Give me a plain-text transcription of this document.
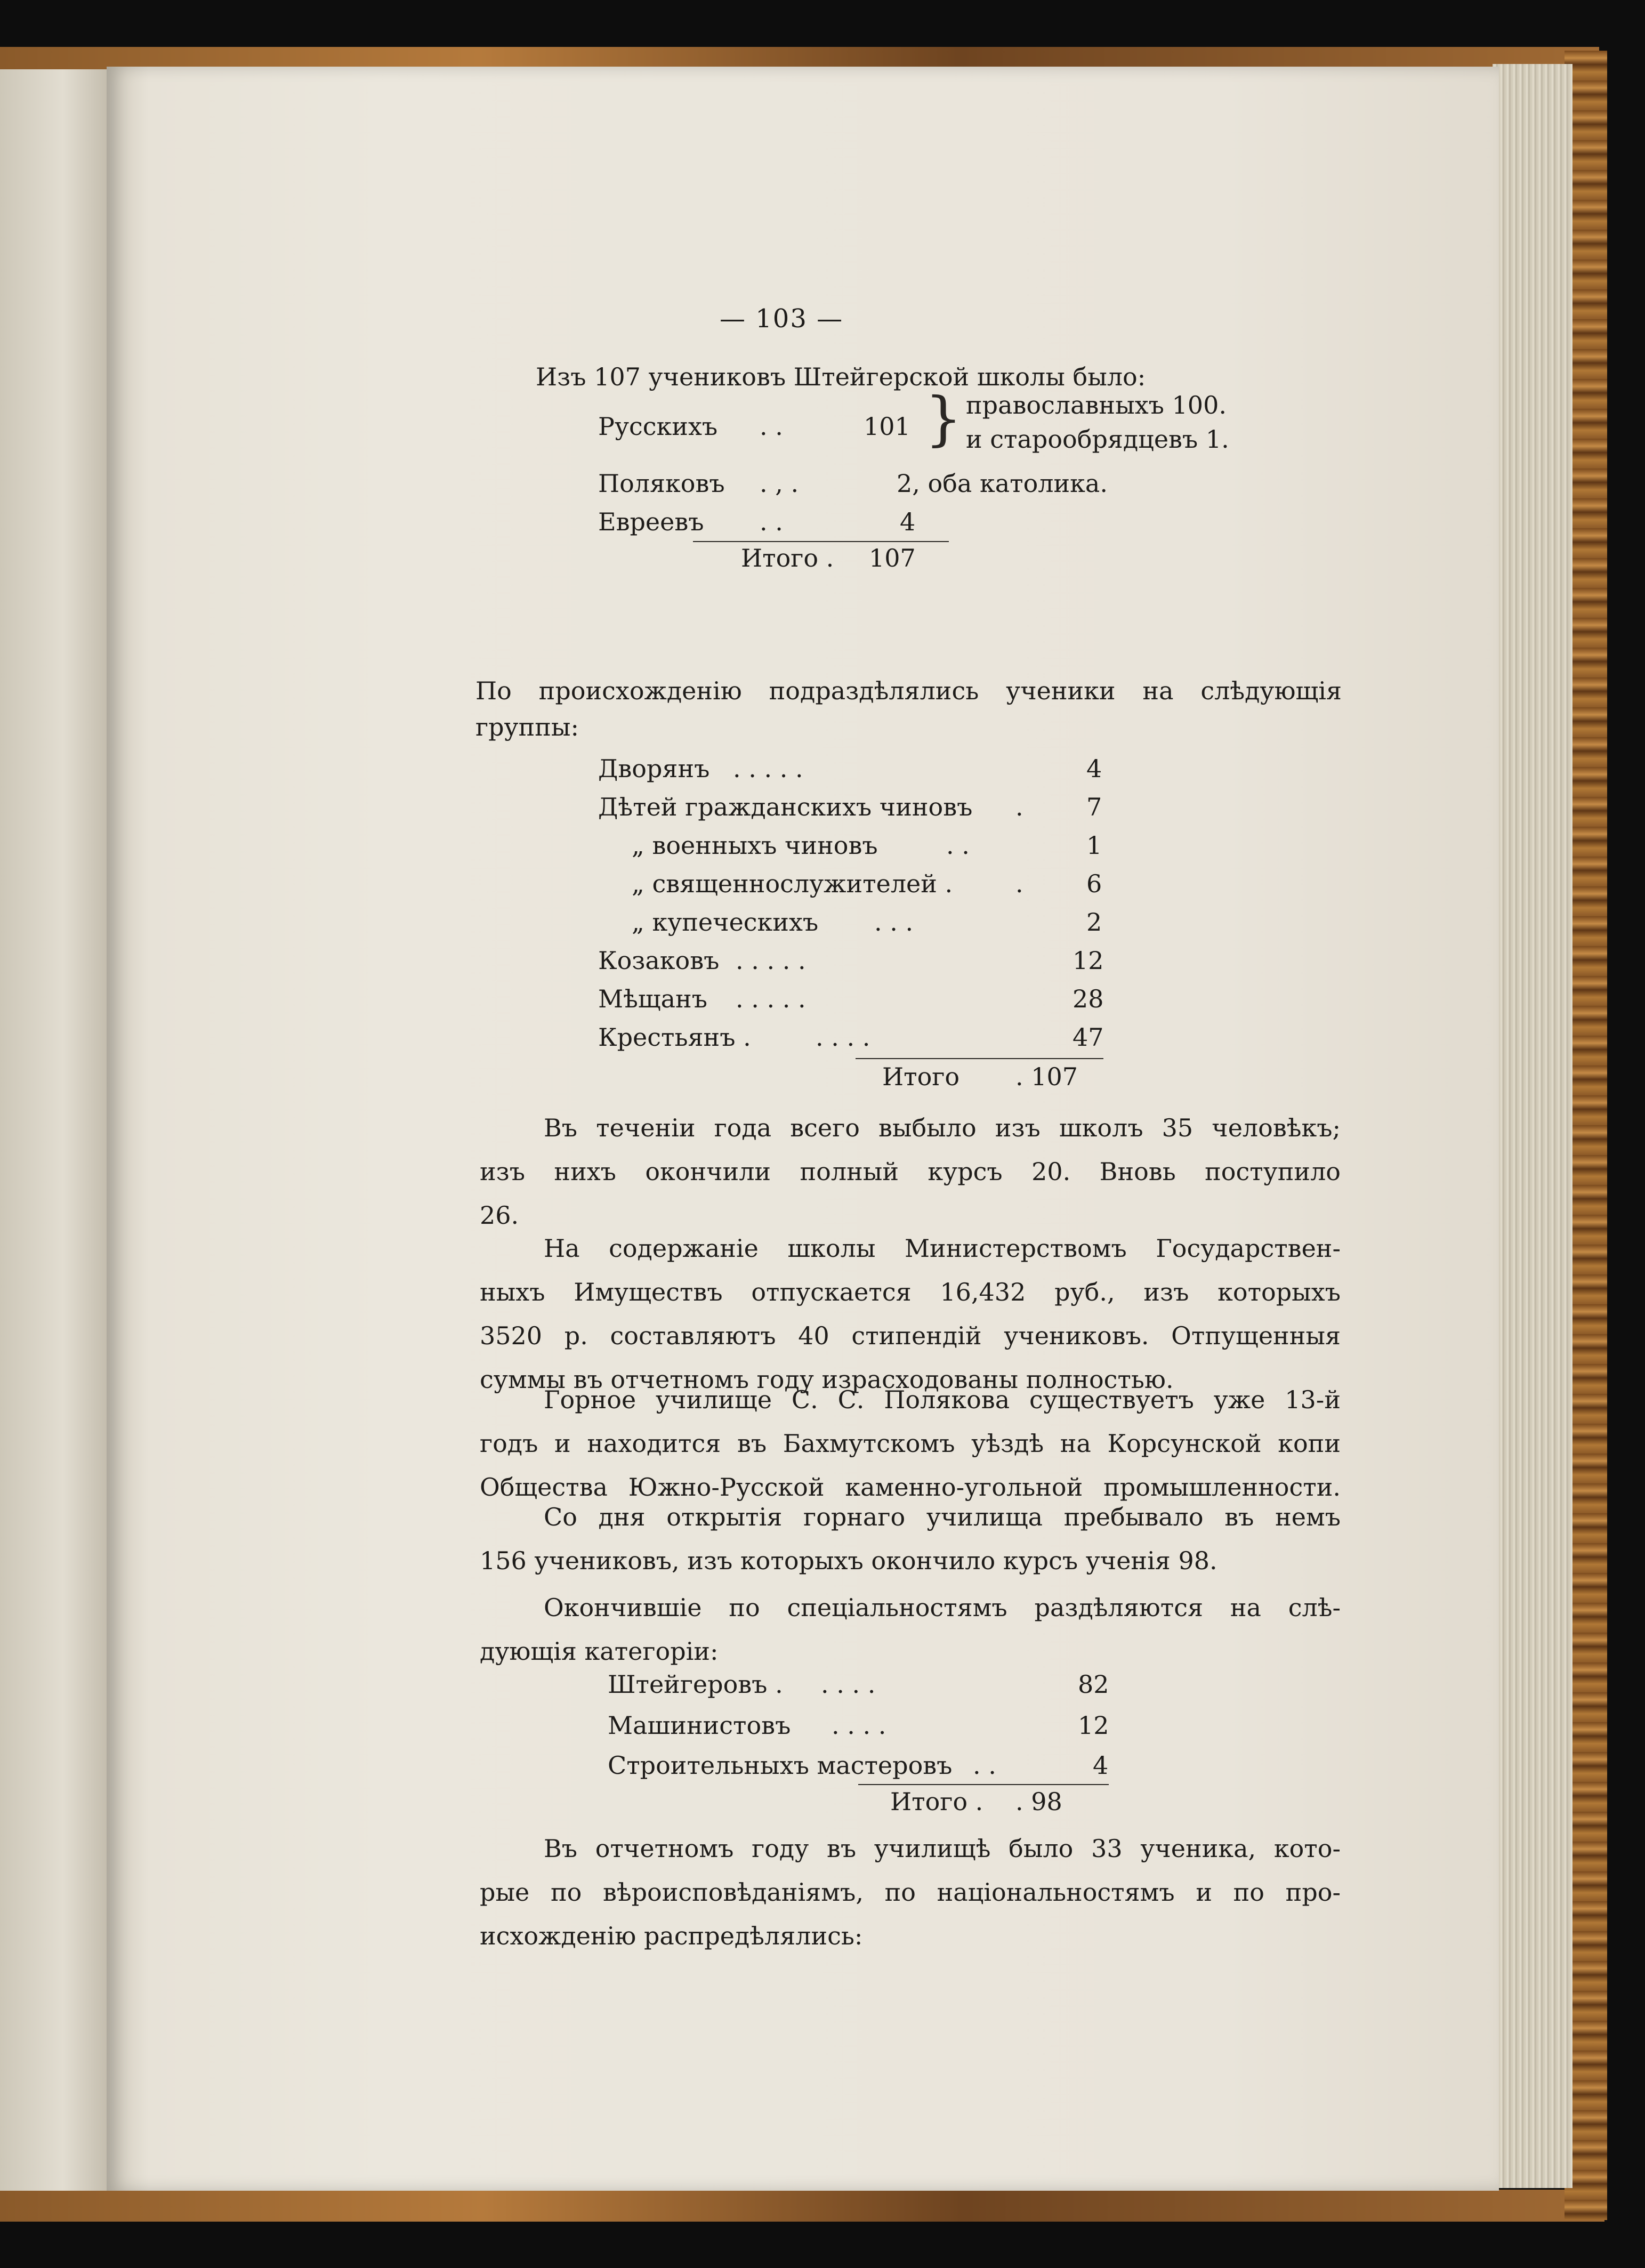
— 103 —
Изъ 107 учениковъ Штейгерской школы было:
Русскихъ . .	101 } православныхъ 100.
и старообрядцевъ 1.
Поляковъ . , .	2, оба католика.
Евреевъ . .	4
Итого . 107
По происхожденію подраздѣлялись ученики на слѣдующія
группы:
Дворянъ . . . . .	4
Дѣтей гражданскихъ чиновъ .	7
„ военныхъ чиновъ	. .	1
„ священнослужителей .	.	6
„ купеческихъ . . .	2
Козаковъ . . . . .	12
Мѣщанъ . . . . .	28
Крестьянъ .	. . . .	47
Итого . 107
Въ теченіи года всего выбыло изъ школъ 35 человѣкъ;
изъ нихъ окончили полный курсъ 20. Вновь поступило
26.
На содержаніе школы Министерствомъ Государствен-
ныхъ Имуществъ отпускается 16,432 руб., изъ которыхъ
3520 р. составляютъ 40 стипендій учениковъ. Отпущенныя
суммы въ отчетномъ году израсходованы полностью.
Горное училище С. С. Полякова существуетъ уже 13-й
годъ и находится въ Бахмутскомъ уѣздѣ на Корсунской копи
Общества Южно-Русской каменно-угольной промышленности.
Со дня открытія горнаго училища пребывало въ немъ
156 учениковъ, изъ которыхъ окончило курсъ ученія 98.
Окончившіе по спеціальностямъ раздѣляются на слѣ-
дующія категоріи:
Штейгеровъ . . . . .	82
Машинистовъ . . . .	12
Строительныхъ мастеровъ . .	4
Итого . . 98
Въ отчетномъ году въ училищѣ было 33 ученика, кото-
рые по вѣроисповѣданіямъ, по національностямъ и по про-
исхожденію распредѣлялись:
